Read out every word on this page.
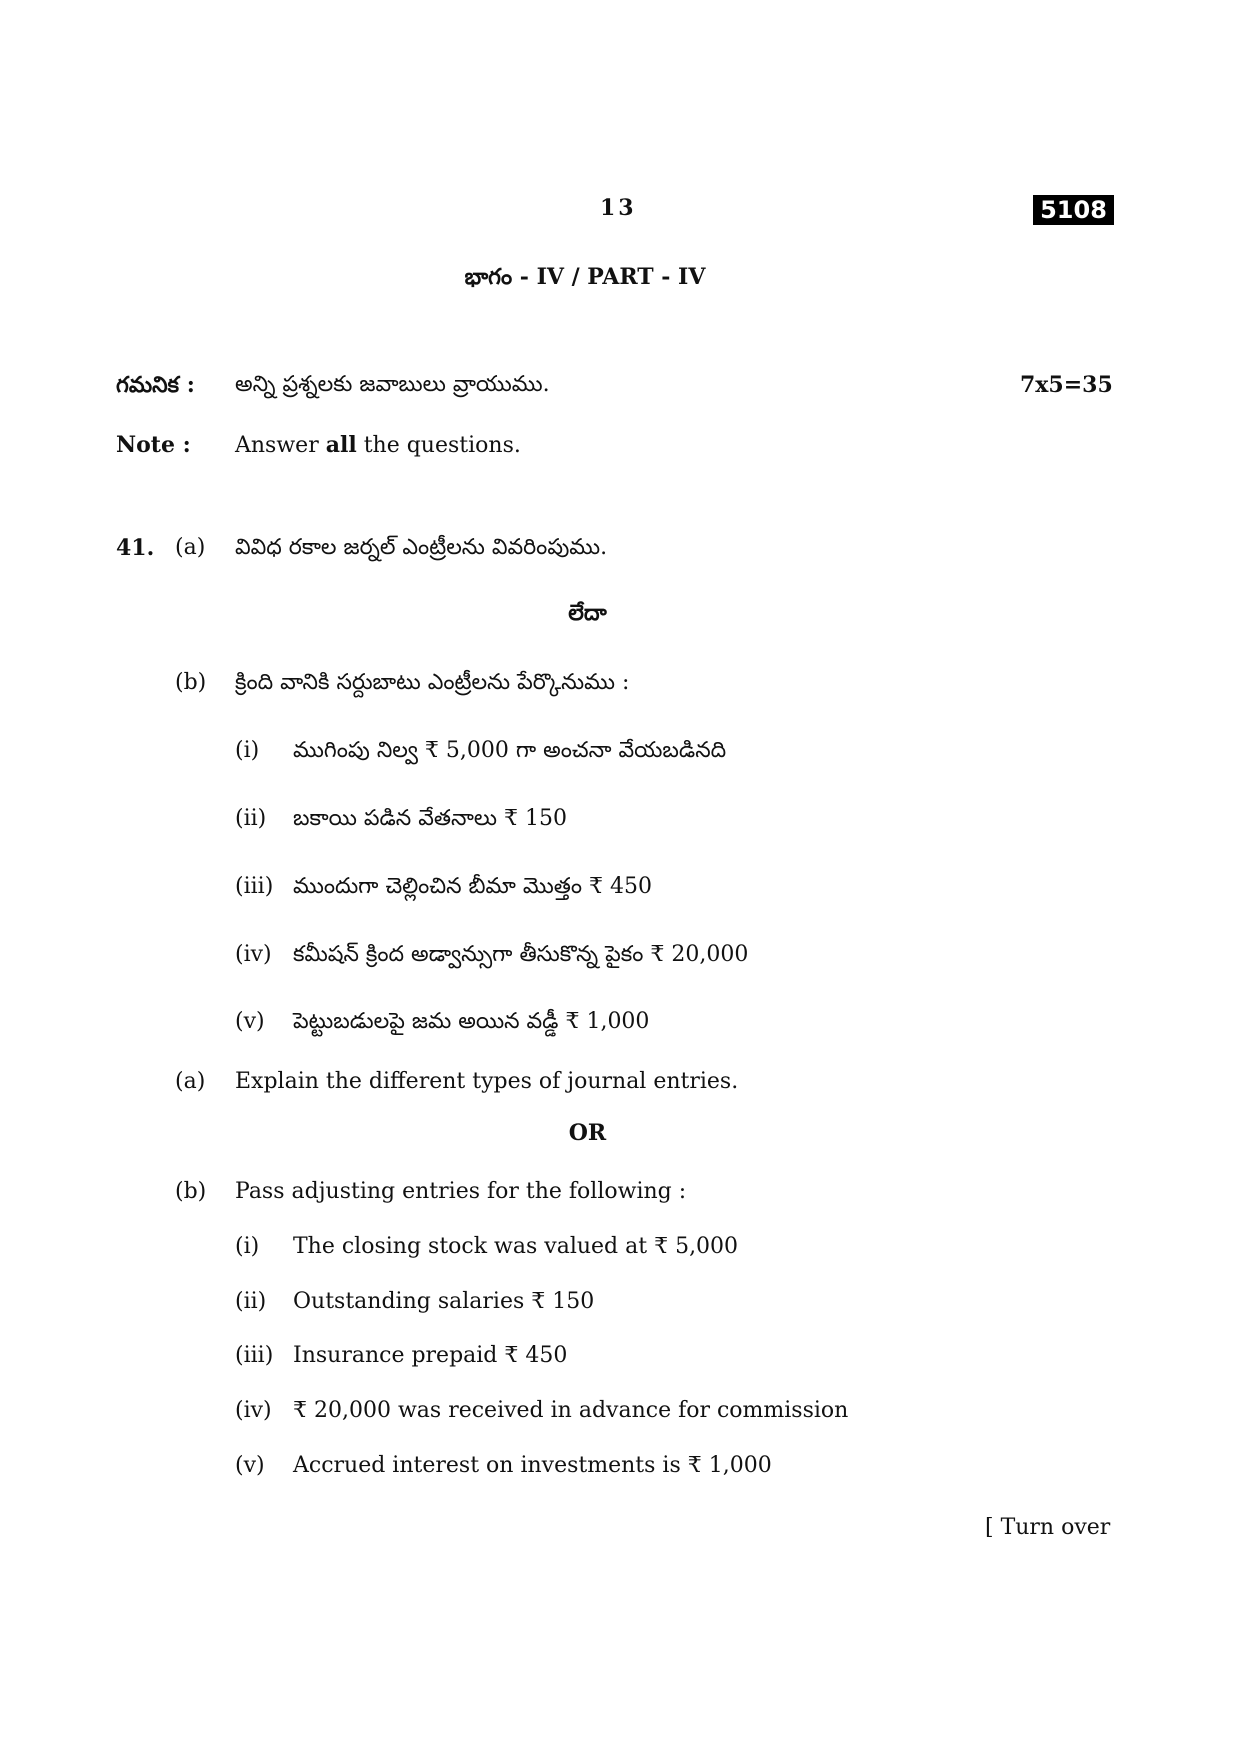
13	5108
భాగం - IV / PART - IV
గమనిక : అన్ని ప్రశ్నలకు జవాబులు వ్రాయుము.	7x5=35
Note : Answer all the questions.
41. (a) వివిధ రకాల జర్నల్ ఎంట్రీలను వివరింపుము.
లేదా
(b) క్రింది వానికి సర్దుబాటు ఎంట్రీలను పేర్కొనుము :
(i) ముగింపు నిల్వ ₹ 5,000 గా అంచనా వేయబడినది
(ii) బకాయి పడిన వేతనాలు ₹ 150
(iii) ముందుగా చెల్లించిన బీమా మొత్తం ₹ 450
(iv) కమీషన్ క్రింద అడ్వాన్సుగా తీసుకొన్న పైకం ₹ 20,000
(v) పెట్టుబడులపై జమ అయిన వడ్డీ ₹ 1,000
(a) Explain the different types of journal entries.
OR
(b) Pass adjusting entries for the following :
(i) The closing stock was valued at ₹ 5,000
(ii) Outstanding salaries ₹ 150
(iii) Insurance prepaid ₹ 450
(iv) ₹ 20,000 was received in advance for commission
(v) Accrued interest on investments is ₹ 1,000
[ Turn over
